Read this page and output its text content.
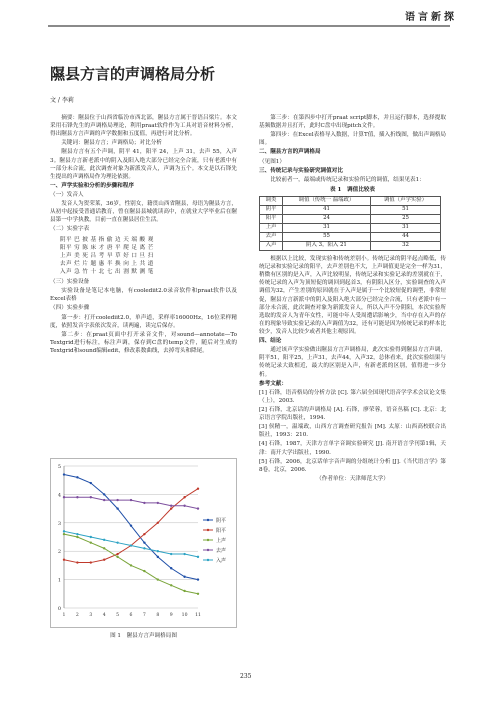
语言新探
隰县方言的声调格局分析
文 / 李莉

摘要：隰县位于山西省临汾市西北部，隰县方言属于晋语吕梁片。本文采用石锋先生的声调格局理论，利用praat软件作为工具对语音材料分析，得出隰县方言声调的声学数据和五度值，再进行对比分析。

关键词：隰县方言；声调格局；对比分析

隰县方言有五个声调，阴平 41，阳平 24，上声 31，去声 55，入声 3。隰县方言新老派中的阴入及阳入绝大部分已经完全合流，只有老派中有一部分未合流，此次调查对象为新派发音人，声调为五个。本文是以石锋先生提出的声调格局作为理论依据。

一、声学实验和分析的步骤和程序

（一）发音人

发音人为贺荣莱，36岁，性别女，籍贯山西省隰县，母语为隰县方言，从初中起接受普通话教育，曾在隰县县城就读高中，在就业大学毕业后在隰县第一中学执教，目前一直在隰县居住生活。

（二）实验字表

阴平 巴 披 基 指 偷 边 天 端 酸 观
阳平 穷 陈 床 才 唐 平 爬 足 离 芒
上声 美 死 吕 考 早 草 好 口 旦 扫
去声 烂 片 题 惠 半 换 向 上 共 道
入声 急 竹 十 北 七 出 割 默 测 笔

（三）实验设备

实验设备是笔记本电脑，有coolediit2.0录音软件和praat软件以及Excel表格

（四）实验步骤

第一步：打开coolediit2.0，单声道，采样率16000Hz，16位采样精度，依照发音字表依次发音，读两遍，读完后保存。

第二步：在praat页面中打开录音文件，对sound—annotate—To Textgrid进行标注，标注声调，保存到C盘的temp文件，随后对生成的Textgrid和sound编辑edit，修改系数曲线，去掉弯头和降尾。

0
1
2
3
4
5
1 2 3 4 5 6 7 8 9 10 11
阴平
阳平
上声
去声
入声
图 1　隰县方言声调格局图

第三步：在第四步中打开praat script脚本，并且运行脚本，选择提取基频数据并且打开，此时C盘中出现pitch文件。

第四步：在Excel表格导入数据，计算T值，插入折线图，做出声调格局图。

二、隰县方言的声调格局

（见图1）

三、传统记录与实验研究调值对比

比较前者一，最端或传统记录和实验所记的调值，结果见表1：

表 1　调值比较表
调类	调值（传统一 温端政）	调值（声学实验）
阴平	41	51
阳平	24	25
上声	31	31
去声	55	44
入声	阴入 3，阳入 21	32

根据以上比较，发现实验和传统差别小。传统记录的阴平起点略低，传统记录和实验记录的阳平，去声差别也不大，上声调值更是完全一样为31，稍微有区别的是入声，入声比较明显，传统记录和实验记录的差别就在于，传统记录的入声为顶短促的调回到起首3，有阴阳入区分，实验调查的入声调值为32，产生差别的原因就在于入声是属于一个比较短促的调型，非常短促，隰县方言新派中的阴入及阳入绝大部分已经完全合流，只有老派中有一部分未合流，此次调查对象为新派发音人，所以入声不分阴阳，本次实验所选取的发音人为青年女性，可能中年人受周遭话影响少，当中存在入声的存在的现象导致实验记录的入声调值为32，还有可能是因为传统记录的样本比较少，发音人比较少或者其他主观原因。

四、结论

通过该声学实验做出隰县方言声调格局，此次实验得到隰县方言声调，阴平51，阳平25，上声31，去声44，入声32，总体看来，此次实验结果与传统记录大致相近，最大的区别是入声，有新老派的区别，值得进一步分析。

参考文献：

[1] 石锋，语音格局的分析方法 [C]. 第六届全国现代语音学学术会议论文集（上），2003.

[2] 石锋，北京话的声调格局 [A]. 石锋，廖荣蓉，语音丛稿 [C]. 北京：北京语言学院出版社，1994.

[3] 侯精一，温端政，山西方言调查研究报告 [M]. 太原：山西高校联合出版社，1993：210.

[4] 石锋，1987，天津方言单字音调实验研究 [J]. 南开语言学刊第1辑，天津：南开大学出版社，1990.

[5] 石锋，2006，北京话单字音声调的分组统计分析 [J].《当代语言学》第8卷，北京，2006.

（作者单位：天津师范大学）

235
